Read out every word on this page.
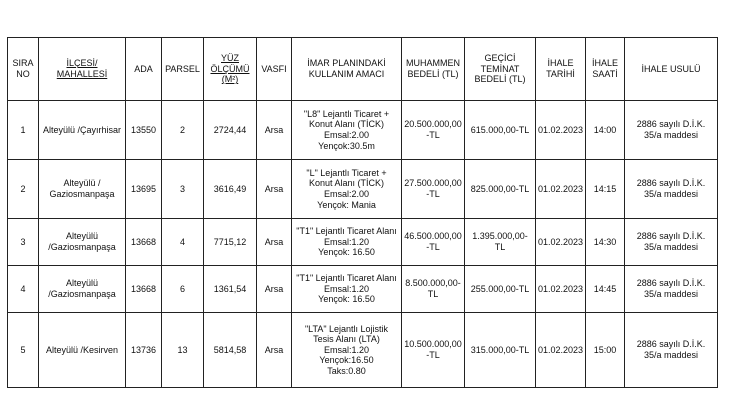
SIRA
NO	İLÇESİ/
MAHALLESİ	ADA	PARSEL	YÜZ
ÖLÇÜMÜ
(M²)	VASFI	İMAR PLANINDAKİ
KULLANIM AMACI	MUHAMMEN
BEDELİ (TL)	GEÇİCİ
TEMİNAT
BEDELİ (TL)	İHALE
TARİHİ	İHALE
SAATİ	İHALE USULÜ
1	Alteyülü /Çayırhisar	13550	2	2724,44	Arsa	"L8" Lejantlı Ticaret +
Konut Alanı (TİCK)
Emsal:2.00
Yençok:30.5m	20.500.000,00
-TL	615.000,00-TL	01.02.2023	14:00	2886 sayılı D.İ.K.
35/a maddesi
2	Alteyülü /
Gaziosmanpaşa	13695	3	3616,49	Arsa	"L" Lejantlı Ticaret +
Konut Alanı (TİCK)
Emsal:2.00
Yençok: Mania	27.500.000,00
-TL	825.000,00-TL	01.02.2023	14:15	2886 sayılı D.İ.K.
35/a maddesi
3	Alteyülü
/Gaziosmanpaşa	13668	4	7715,12	Arsa	"T1" Lejantlı Ticaret Alanı
Emsal:1.20
Yençok: 16.50	46.500.000,00
-TL	1.395.000,00-TL	01.02.2023	14:30	2886 sayılı D.İ.K.
35/a maddesi
4	Alteyülü
/Gaziosmanpaşa	13668	6	1361,54	Arsa	"T1" Lejantlı Ticaret Alanı
Emsal:1.20
Yençok: 16.50	8.500.000,00-
TL	255.000,00-TL	01.02.2023	14:45	2886 sayılı D.İ.K.
35/a maddesi
5	Alteyülü /Kesirven	13736	13	5814,58	Arsa	"LTA" Lejantlı Lojistik
Tesis Alanı (LTA)
Emsal:1.20
Yençok:16.50
Taks:0.80	10.500.000,00
-TL	315.000,00-TL	01.02.2023	15:00	2886 sayılı D.İ.K.
35/a maddesi
